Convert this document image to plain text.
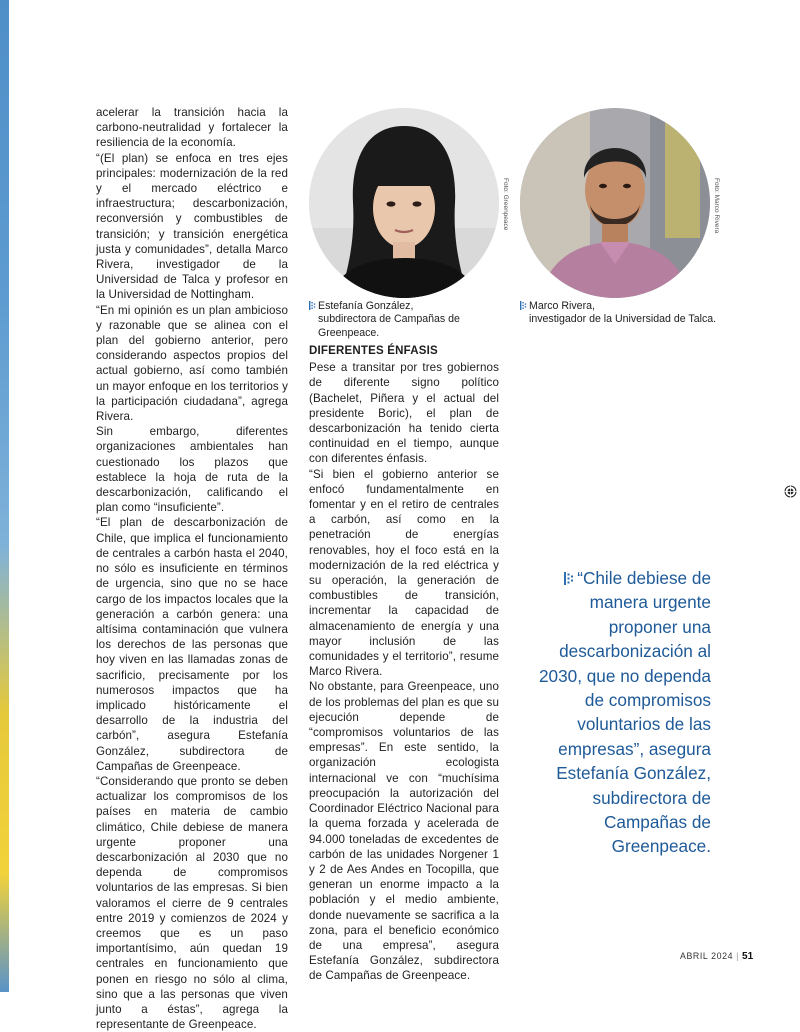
acelerar la transición hacia la carbono-neutralidad y fortalecer la resiliencia de la economía.

“(El plan) se enfoca en tres ejes principales: modernización de la red y el mercado eléctrico e infraestructura; descarbonización, reconversión y combustibles de transición; y transición energética justa y comunidades”, detalla Marco Rivera, investigador de la Universidad de Talca y profesor en la Universidad de Nottingham.

“En mi opinión es un plan ambicioso y razonable que se alinea con el plan del gobierno anterior, pero considerando aspectos propios del actual gobierno, así como también un mayor enfoque en los territorios y la participación ciudadana”, agrega Rivera.

Sin embargo, diferentes organizaciones ambientales han cuestionado los plazos que establece la hoja de ruta de la descarbonización, calificando el plan como “insuficiente”.

“El plan de descarbonización de Chile, que implica el funcionamiento de centrales a carbón hasta el 2040, no sólo es insuficiente en términos de urgencia, sino que no se hace cargo de los impactos locales que la generación a carbón genera: una altísima contaminación que vulnera los derechos de las personas que hoy viven en las llamadas zonas de sacrificio, precisamente por los numerosos impactos que ha implicado históricamente el desarrollo de la industria del carbón”, asegura Estefanía González, subdirectora de Campañas de Greenpeace.

“Considerando que pronto se deben actualizar los compromisos de los países en materia de cambio climático, Chile debiese de manera urgente proponer una descarbonización al 2030 que no dependa de compromisos voluntarios de las empresas. Si bien valoramos el cierre de 9 centrales entre 2019 y comienzos de 2024 y creemos que es un paso importantísimo, aún quedan 19 centrales en funcionamiento que ponen en riesgo no sólo al clima, sino que a las personas que viven junto a éstas”, agrega la representante de Greenpeace.

Foto: Greenpeace	Foto: Marco Rivera
Estefanía González,
subdirectora de Campañas de Greenpeace.
Marco Rivera,
investigador de la Universidad de Talca.

DIFERENTES ÉNFASIS

Pese a transitar por tres gobiernos de diferente signo político (Bachelet, Piñera y el actual del presidente Boric), el plan de descarbonización ha tenido cierta continuidad en el tiempo, aunque con diferentes énfasis.

“Si bien el gobierno anterior se enfocó fundamentalmente en fomentar y en el retiro de centrales a carbón, así como en la penetración de energías renovables, hoy el foco está en la modernización de la red eléctrica y su operación, la generación de combustibles de transición, incrementar la capacidad de almacenamiento de energía y una mayor inclusión de las comunidades y el territorio”, resume Marco Rivera.

No obstante, para Greenpeace, uno de los problemas del plan es que su ejecución depende de “compromisos voluntarios de las empresas”. En este sentido, la organización ecologista internacional ve con “muchísima preocupación la autorización del Coordinador Eléctrico Nacional para la quema forzada y acelerada de 94.000 toneladas de excedentes de carbón de las unidades Norgener 1 y 2 de Aes Andes en Tocopilla, que generan un enorme impacto a la población y el medio ambiente, donde nuevamente se sacrifica a la zona, para el beneficio económico de una empresa”, asegura Estefanía González, subdirectora de Campañas de Greenpeace.

“Chile debiese de manera urgente proponer una descarbonización al 2030, que no dependa de compromisos voluntarios de las empresas”, asegura Estefanía González, subdirectora de Campañas de Greenpeace.
ABRIL 2024 | 51
